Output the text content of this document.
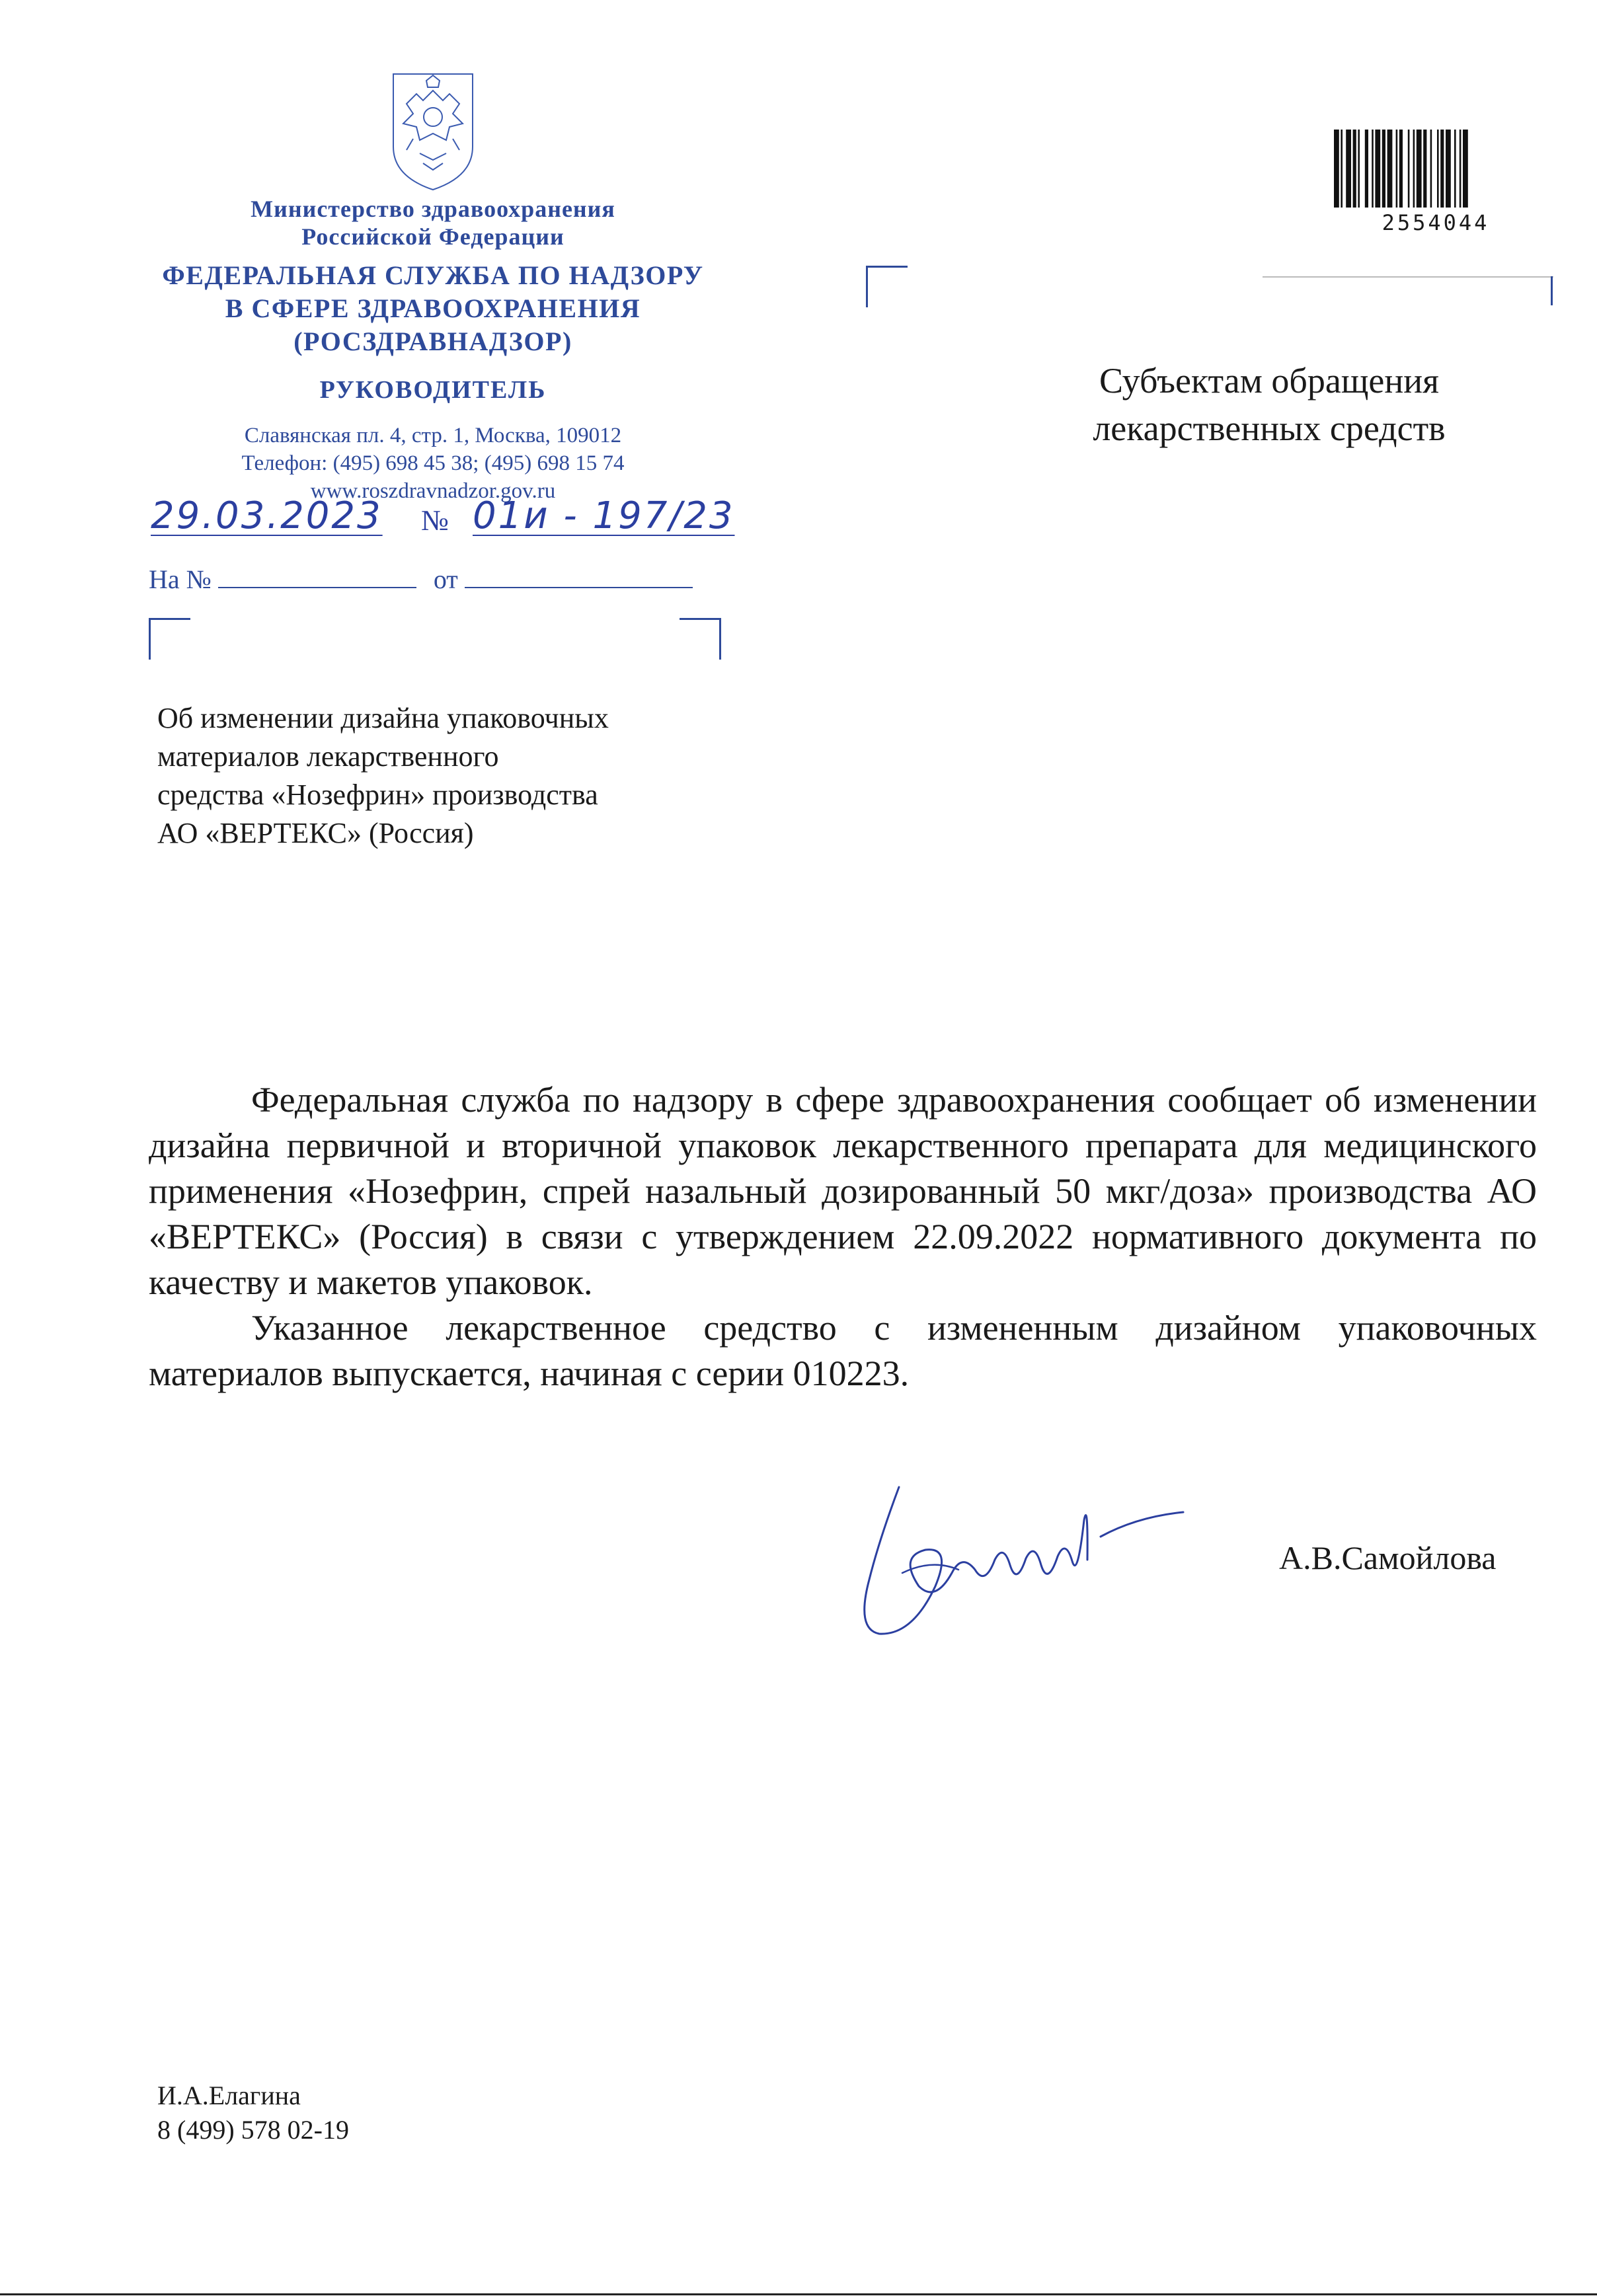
Министерство здравоохранения
Российской Федерации
ФЕДЕРАЛЬНАЯ СЛУЖБА ПО НАДЗОРУ
В СФЕРЕ ЗДРАВООХРАНЕНИЯ
(РОСЗДРАВНАДЗОР)
РУКОВОДИТЕЛЬ
Славянская пл. 4, стр. 1, Москва, 109012
Телефон: (495) 698 45 38; (495) 698 15 74
www.roszdravnadzor.gov.ru
29.03.2023 № 01и - 197/23
На №	от
Об изменении дизайна упаковочных
материалов лекарственного
средства «Нозефрин» производства
АО «ВЕРТЕКС» (Россия)
Субъектам обращения
лекарственных средств
2554044

Федеральная служба по надзору в сфере здравоохранения сообщает об изменении дизайна первичной и вторичной упаковок лекарственного препарата для медицинского применения «Нозефрин, спрей назальный дозированный 50 мкг/доза» производства АО «ВЕРТЕКС» (Россия) в связи с утверждением 22.09.2022 нормативного документа по качеству и макетов упаковок.

Указанное лекарственное средство с измененным дизайном упаковочных материалов выпускается, начиная с серии 010223.

А.В.Самойлова
И.А.Елагина
8 (499) 578 02-19
